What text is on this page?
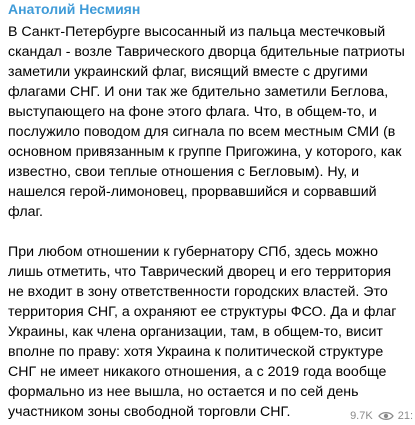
Анатолий Несмиян

В Санкт-Петербурге высосанный из пальца местечковый скандал - возле Таврического дворца бдительные патриоты заметили украинский флаг, висящий вместе с другими флагами СНГ. И они так же бдительно заметили Беглова, выступающего на фоне этого флага. Что, в общем-то, и послужило поводом для сигнала по всем местным СМИ (в основном привязанным к группе Пригожина, у которого, как известно, свои теплые отношения с Бегловым). Ну, и нашелся герой-лимоновец, прорвавшийся и сорвавший флаг.

При любом отношении к губернатору СПб, здесь можно лишь отметить, что Таврический дворец и его территория не входит в зону ответственности городских властей. Это территория СНГ, а охраняют ее структуры ФСО. Да и флаг Украины, как члена организации, там, в общем-то, висит вполне по праву: хотя Украина к политической структуре СНГ не имеет никакого отношения, а с 2019 года вообще формально из нее вышла, но остается и по сей день участником зоны свободной торговли СНГ.	9.7K 21:
